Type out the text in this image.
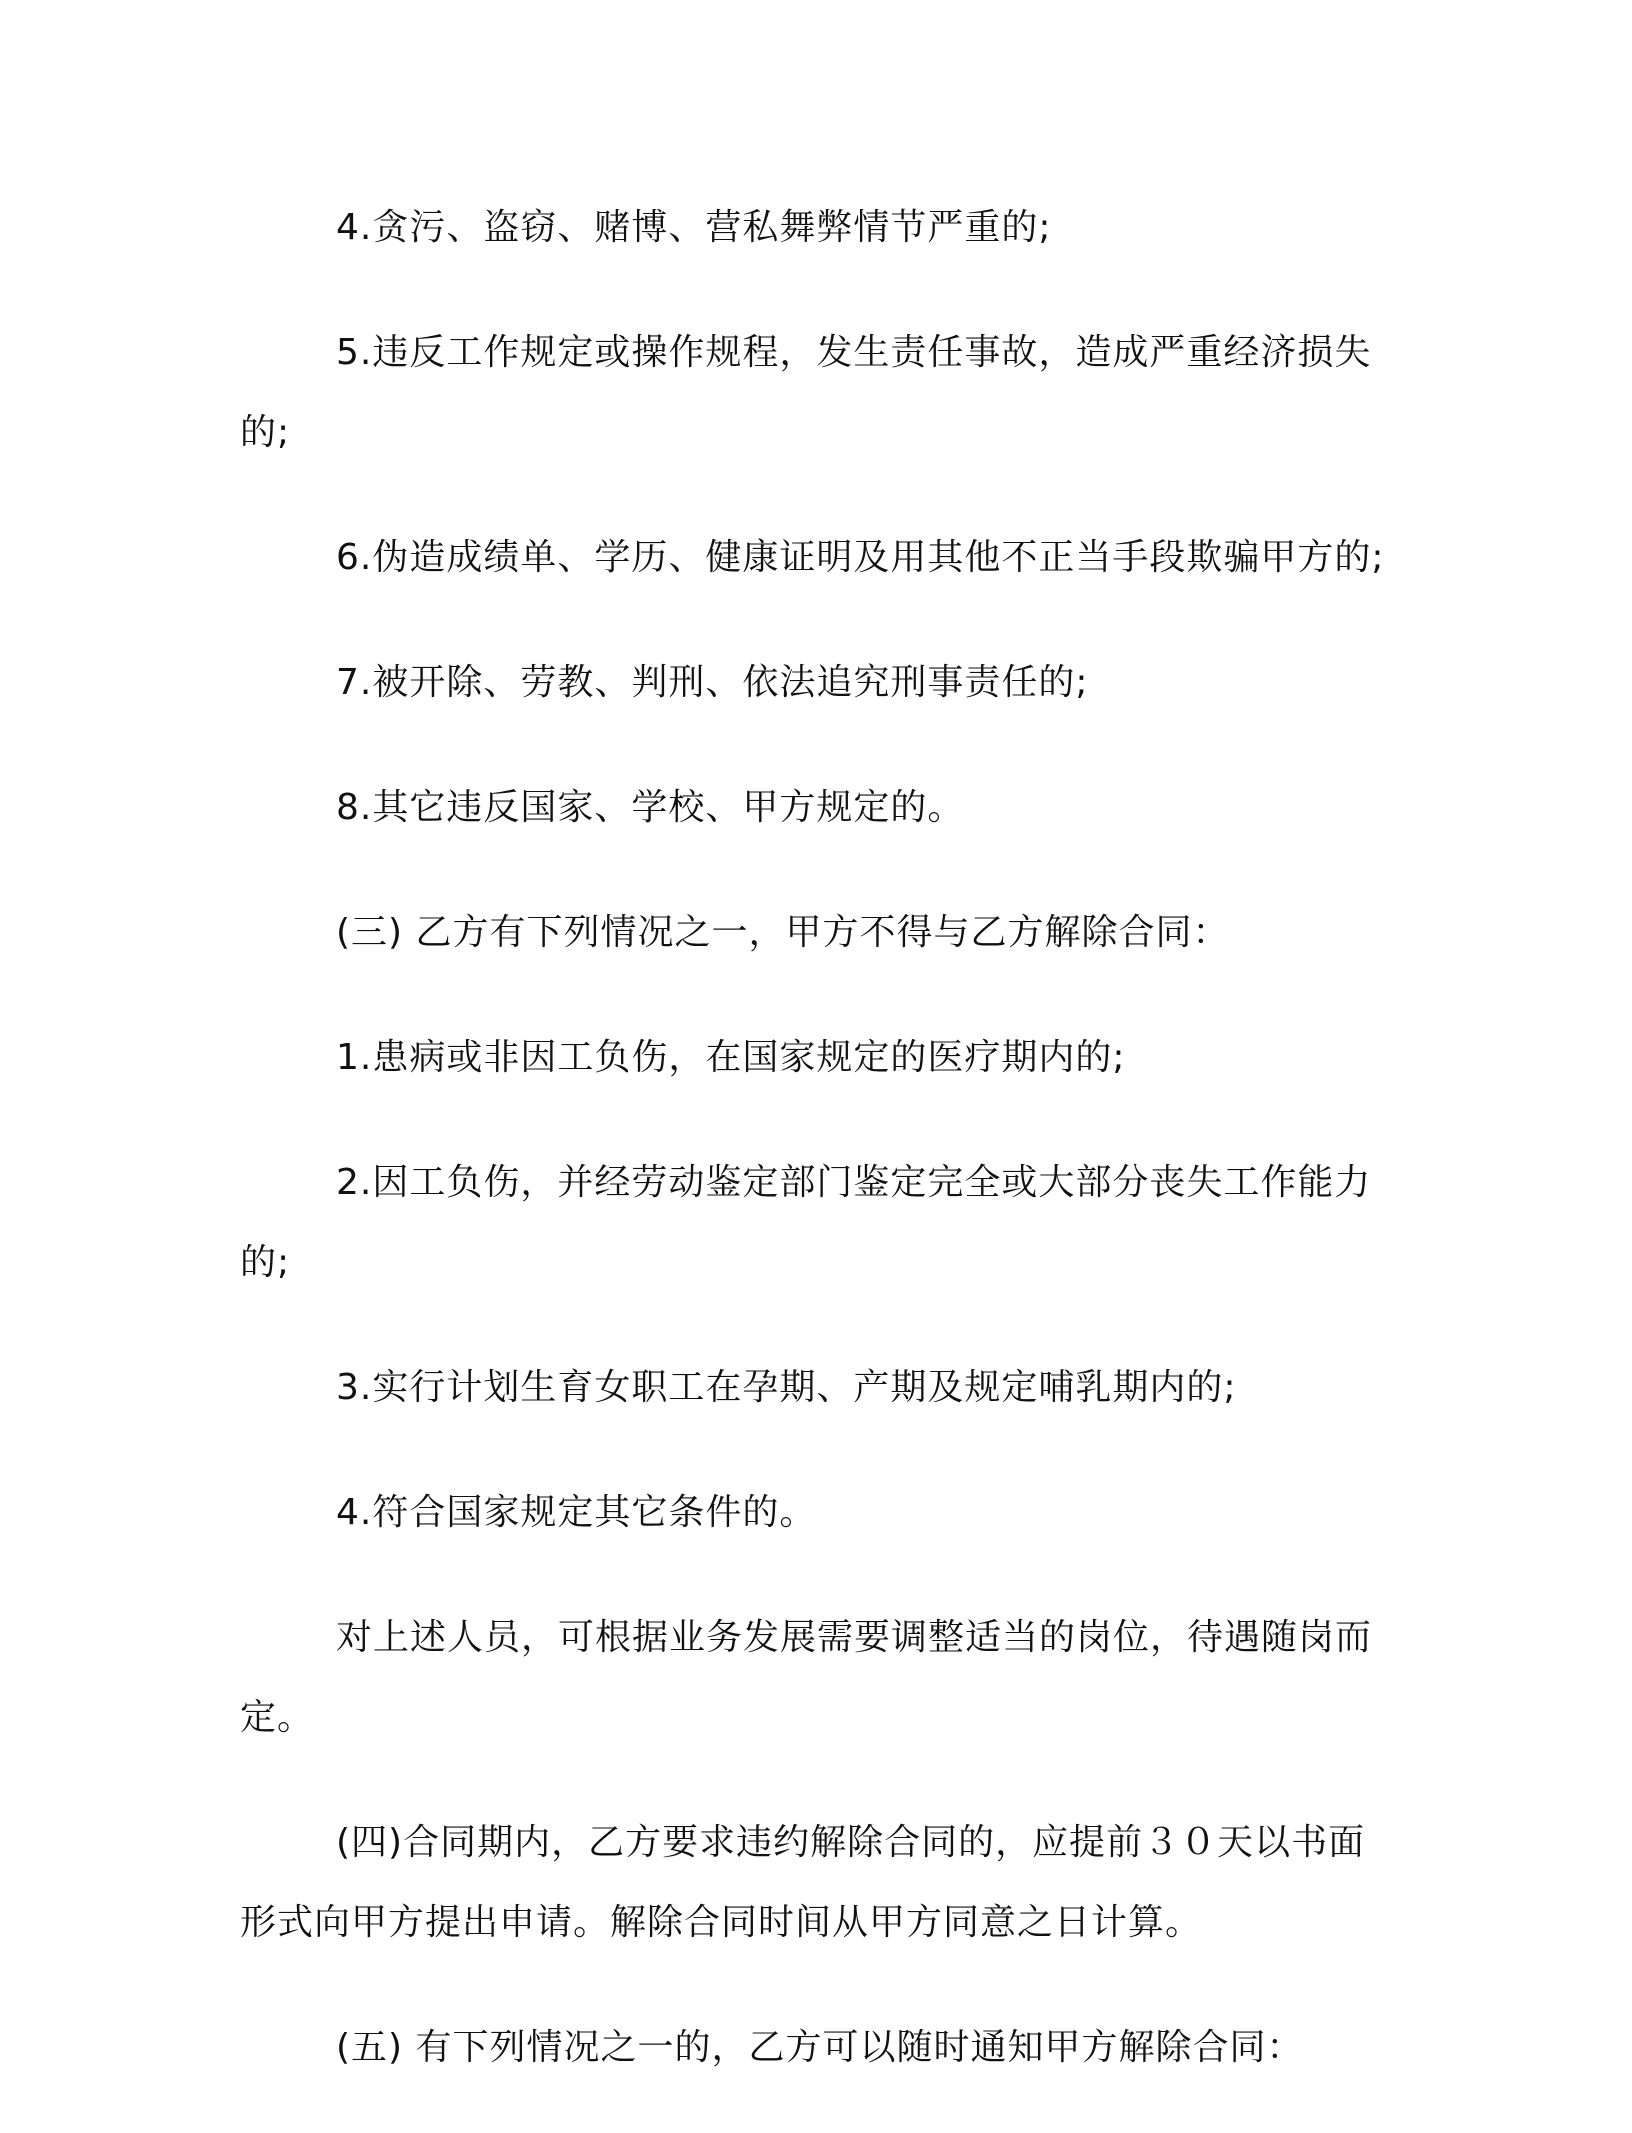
4.贪污、盗窃、赌博、营私舞弊情节严重的;

5.违反工作规定或操作规程，发生责任事故，造成严重经济损失的;

6.伪造成绩单、学历、健康证明及用其他不正当手段欺骗甲方的;

7.被开除、劳教、判刑、依法追究刑事责任的;

8.其它违反国家、学校、甲方规定的。

(三) 乙方有下列情况之一，甲方不得与乙方解除合同：

1.患病或非因工负伤，在国家规定的医疗期内的;

2.因工负伤，并经劳动鉴定部门鉴定完全或大部分丧失工作能力的;

3.实行计划生育女职工在孕期、产期及规定哺乳期内的;

4.符合国家规定其它条件的。

对上述人员，可根据业务发展需要调整适当的岗位，待遇随岗而定。

(四)合同期内，乙方要求违约解除合同的，应提前３０天以书面形式向甲方提出申请。解除合同时间从甲方同意之日计算。

(五) 有下列情况之一的，乙方可以随时通知甲方解除合同：
